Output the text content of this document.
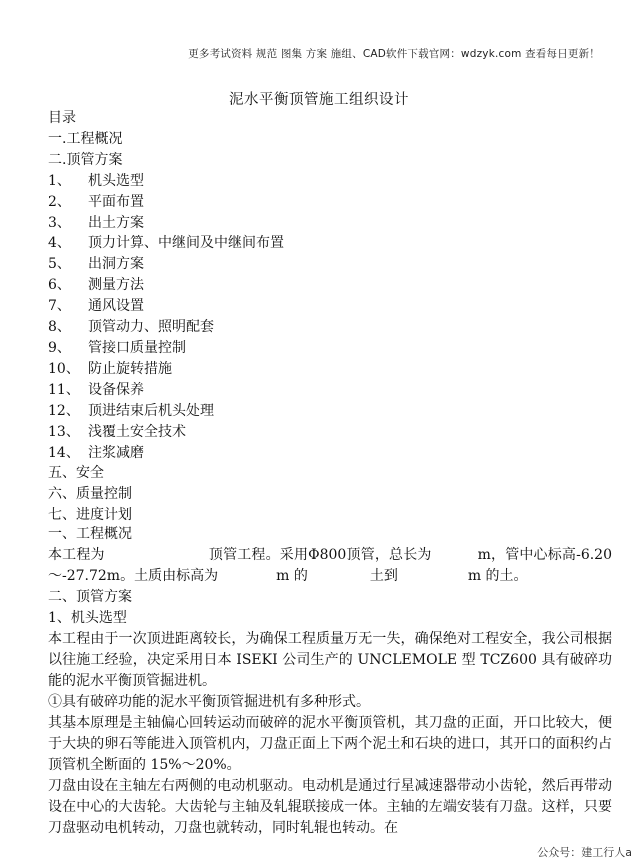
更多考试资料 规范 图集 方案 施组、CAD软件下载官网：wdzyk.com 查看每日更新！
泥水平衡顶管施工组织设计
目录
一.工程概况
二.顶管方案
1、 机头选型
2、 平面布置
3、 出土方案
4、 顶力计算、中继间及中继间布置
5、 出洞方案
6、 测量方法
7、 通风设置
8、 顶管动力、照明配套
9、 管接口质量控制
10、 防止旋转措施
11、 设备保养
12、 顶进结束后机头处理
13、 浅覆土安全技术
14、 注浆减磨
五、安全
六、质量控制
七、进度计划
一、工程概况

本工程为	顶管工程。采用Φ800顶管，总长为	m，管中心标高-6.20～-27.72m。土质由标高为	m 的	土到	m 的土。

二、顶管方案
1、机头选型

本工程由于一次顶进距离较长，为确保工程质量万无一失，确保绝对工程安全，我公司根据以往施工经验，决定采用日本 ISEKI 公司生产的 UNCLEMOLE 型 TCZ600 具有破碎功能的泥水平衡顶管掘进机。

①具有破碎功能的泥水平衡顶管掘进机有多种形式。

其基本原理是主轴偏心回转运动而破碎的泥水平衡顶管机，其刀盘的正面，开口比较大，便于大块的卵石等能进入顶管机内，刀盘正面上下两个泥土和石块的进口，其开口的面积约占顶管机全断面的 15%～20%。

刀盘由设在主轴左右两侧的电动机驱动。电动机是通过行星减速器带动小齿轮，然后再带动设在中心的大齿轮。大齿轮与主轴及轧辊联接成一体。主轴的左端安装有刀盘。这样，只要刀盘驱动电机转动，刀盘也就转动，同时轧辊也转动。在

公众号：建工行人a
